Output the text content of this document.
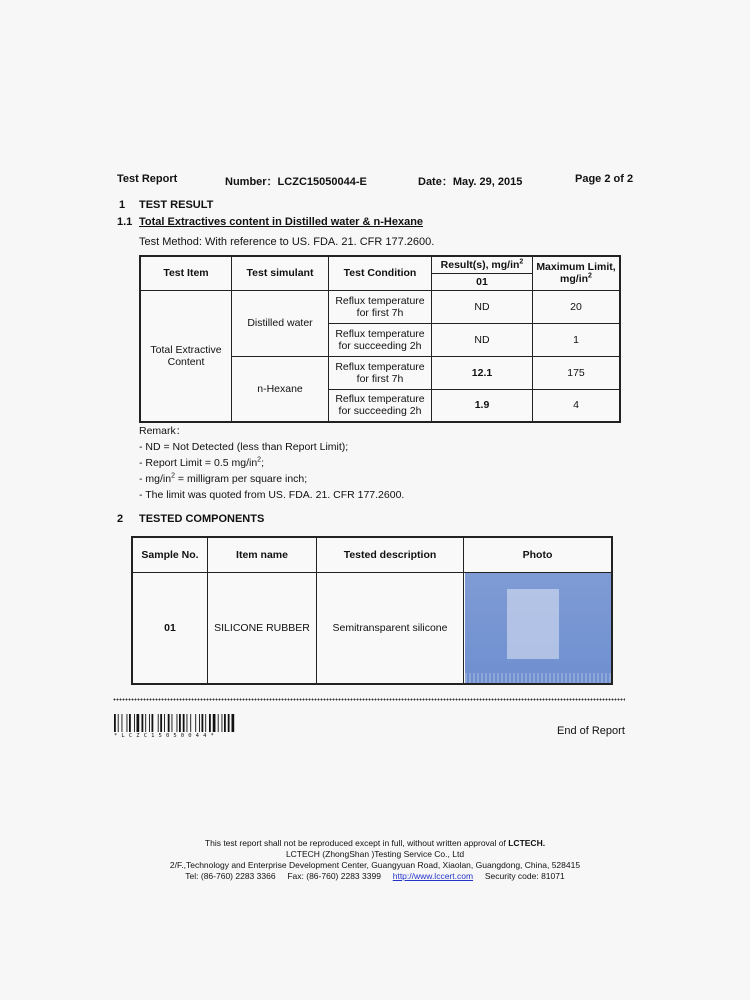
Test Report	Number：LCZC15050044-E	Date：May. 29, 2015	Page 2 of 2
1 TEST RESULT
1.1 Total Extractives content in Distilled water & n-Hexane
Test Method: With reference to US. FDA. 21. CFR 177.2600.
Test Item	Test simulant	Test Condition	Result(s), $mg/in^2$	Maximum Limit,
$mg/in^2$
			01	
Total Extractive Content	Distilled water	Reflux temperature for first 7h	ND	20
		Reflux temperature for succeeding 2h	ND	1
	n-Hexane	Reflux temperature for first 7h	12.1	175
		Reflux temperature for succeeding 2h	1.9	4
Remark：
- ND = Not Detected (less than Report Limit);
- Report Limit = 0.5 $mg/in^2$;
- $mg/in^2$ = milligram per square inch;
- The limit was quoted from US. FDA. 21. CFR 177.2600.
2 TESTED COMPONENTS
Sample No.	Item name	Tested description	Photo
01	SILICONE RUBBER	Semitransparent silicone	
* L C Z C 1 5 0 5 0 0 4 4 *	End of Report
This test report shall not be reproduced except in full, without written approval of LCTECH.
LCTECH (ZhongShan )Testing Service Co., Ltd
2/F.,Technology and Enterprise Development Center, Guangyuan Road, Xiaolan, Guangdong, China, 528415
Tel: (86-760) 2283 3366 Fax: (86-760) 2283 3399 http://www.lccert.com Security code: 81071
